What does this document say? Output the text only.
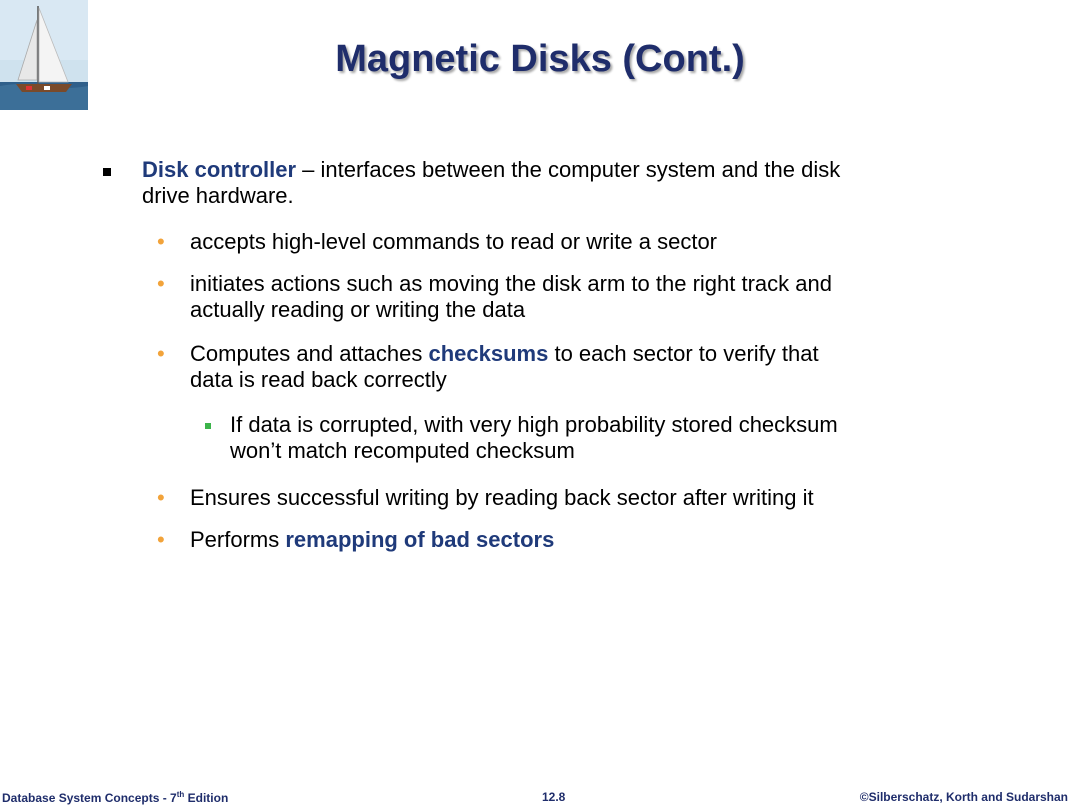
Magnetic Disks (Cont.)
Disk controller – interfaces between the computer system and the disk
drive hardware.
• accepts high-level commands to read or write a sector
• initiates actions such as moving the disk arm to the right track and
actually reading or writing the data
• Computes and attaches checksums to each sector to verify that
data is read back correctly
If data is corrupted, with very high probability stored checksum
won’t match recomputed checksum
• Ensures successful writing by reading back sector after writing it
• Performs remapping of bad sectors
Database System Concepts - 7th Edition	12.8	©Silberschatz, Korth and Sudarshan
